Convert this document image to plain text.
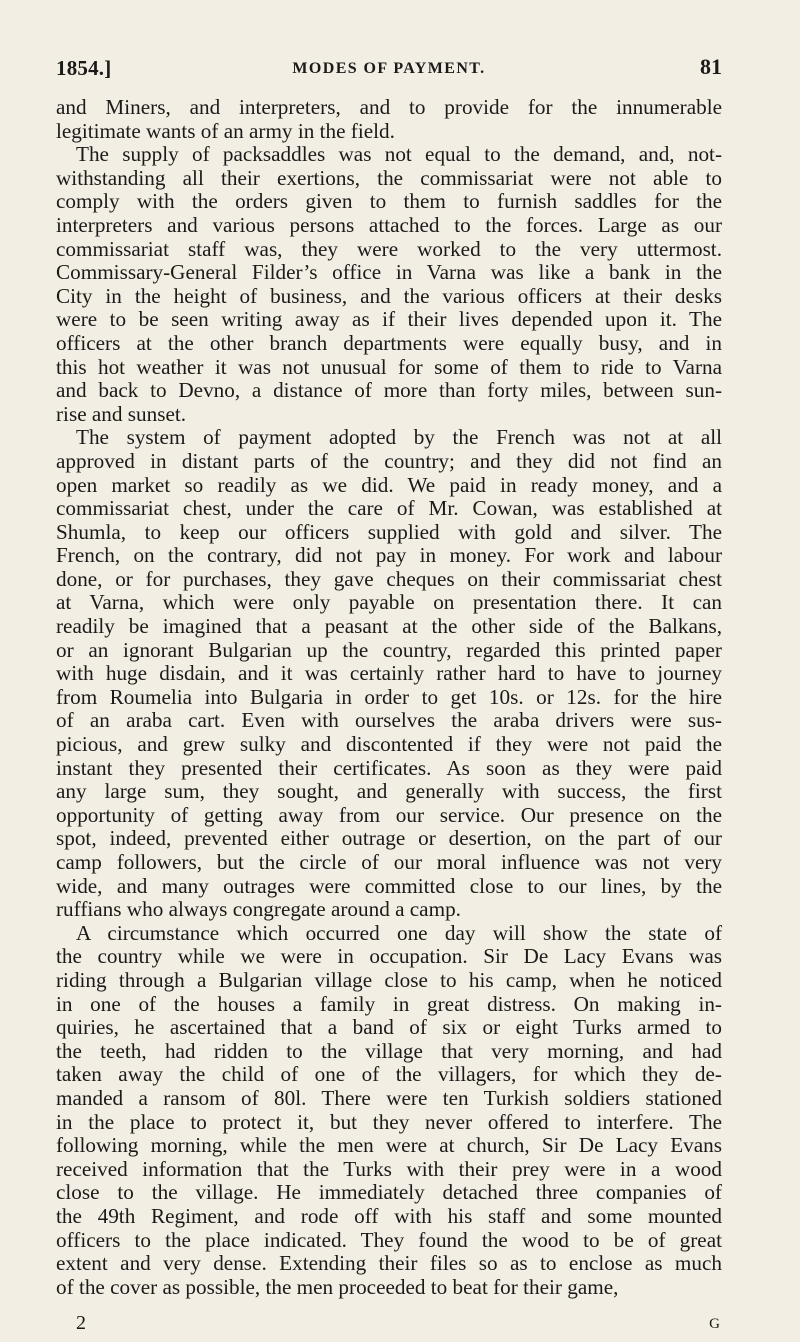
1854.]	MODES OF PAYMENT.	81
and Miners, and interpreters, and to provide for the innumerable
legitimate wants of an army in the field.
The supply of packsaddles was not equal to the demand, and, not-
withstanding all their exertions, the commissariat were not able to
comply with the orders given to them to furnish saddles for the
interpreters and various persons attached to the forces. Large as our
commissariat staff was, they were worked to the very uttermost.
Commissary-General Filder’s office in Varna was like a bank in the
City in the height of business, and the various officers at their desks
were to be seen writing away as if their lives depended upon it. The
officers at the other branch departments were equally busy, and in
this hot weather it was not unusual for some of them to ride to Varna
and back to Devno, a distance of more than forty miles, between sun-
rise and sunset.
The system of payment adopted by the French was not at all
approved in distant parts of the country; and they did not find an
open market so readily as we did. We paid in ready money, and a
commissariat chest, under the care of Mr. Cowan, was established at
Shumla, to keep our officers supplied with gold and silver. The
French, on the contrary, did not pay in money. For work and labour
done, or for purchases, they gave cheques on their commissariat chest
at Varna, which were only payable on presentation there. It can
readily be imagined that a peasant at the other side of the Balkans,
or an ignorant Bulgarian up the country, regarded this printed paper
with huge disdain, and it was certainly rather hard to have to journey
from Roumelia into Bulgaria in order to get 10s. or 12s. for the hire
of an araba cart. Even with ourselves the araba drivers were sus-
picious, and grew sulky and discontented if they were not paid the
instant they presented their certificates. As soon as they were paid
any large sum, they sought, and generally with success, the first
opportunity of getting away from our service. Our presence on the
spot, indeed, prevented either outrage or desertion, on the part of our
camp followers, but the circle of our moral influence was not very
wide, and many outrages were committed close to our lines, by the
ruffians who always congregate around a camp.
A circumstance which occurred one day will show the state of
the country while we were in occupation. Sir De Lacy Evans was
riding through a Bulgarian village close to his camp, when he noticed
in one of the houses a family in great distress. On making in-
quiries, he ascertained that a band of six or eight Turks armed to
the teeth, had ridden to the village that very morning, and had
taken away the child of one of the villagers, for which they de-
manded a ransom of 80l. There were ten Turkish soldiers stationed
in the place to protect it, but they never offered to interfere. The
following morning, while the men were at church, Sir De Lacy Evans
received information that the Turks with their prey were in a wood
close to the village. He immediately detached three companies of
the 49th Regiment, and rode off with his staff and some mounted
officers to the place indicated. They found the wood to be of great
extent and very dense. Extending their files so as to enclose as much
of the cover as possible, the men proceeded to beat for their game,
2	G
